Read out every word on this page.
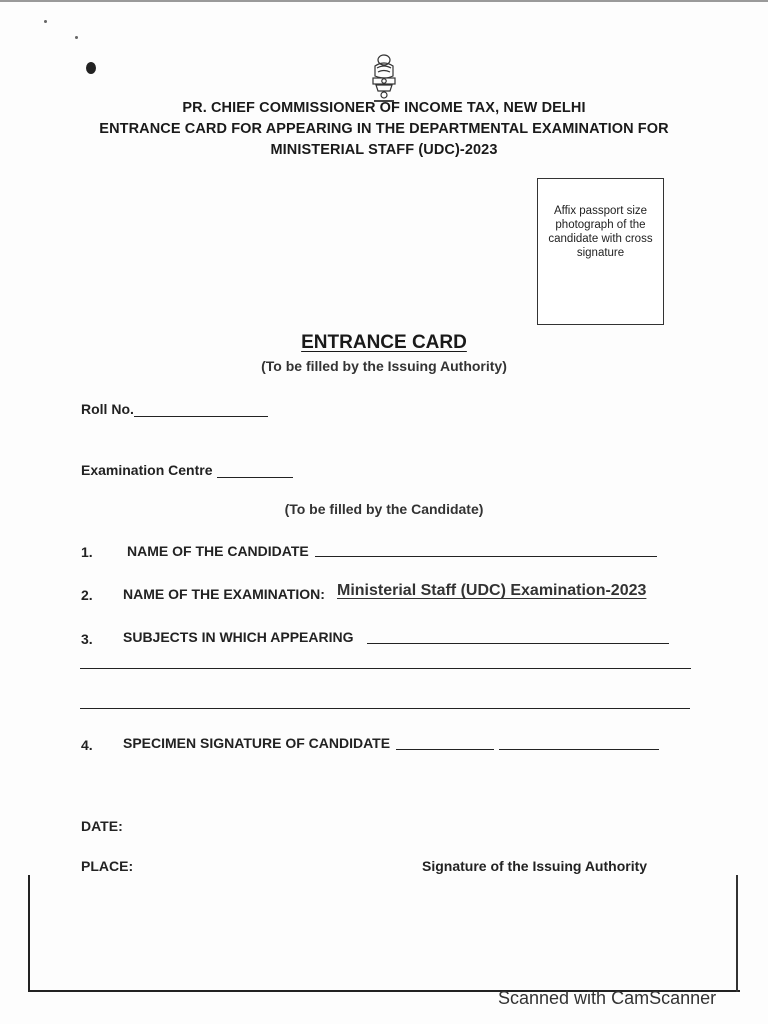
PR. CHIEF COMMISSIONER OF INCOME TAX, NEW DELHI
ENTRANCE CARD FOR APPEARING IN THE DEPARTMENTAL EXAMINATION FOR
MINISTERIAL STAFF (UDC)-2023
Affix passport size photograph of the candidate with cross signature
ENTRANCE CARD
(To be filled by the Issuing Authority)
Roll No.
Examination Centre
(To be filled by the Candidate)
1. NAME OF THE CANDIDATE
2. NAME OF THE EXAMINATION: Ministerial Staff (UDC) Examination-2023
3. SUBJECTS IN WHICH APPEARING
4. SPECIMEN SIGNATURE OF CANDIDATE
DATE:
PLACE:	Signature of the Issuing Authority
Scanned with CamScanner
